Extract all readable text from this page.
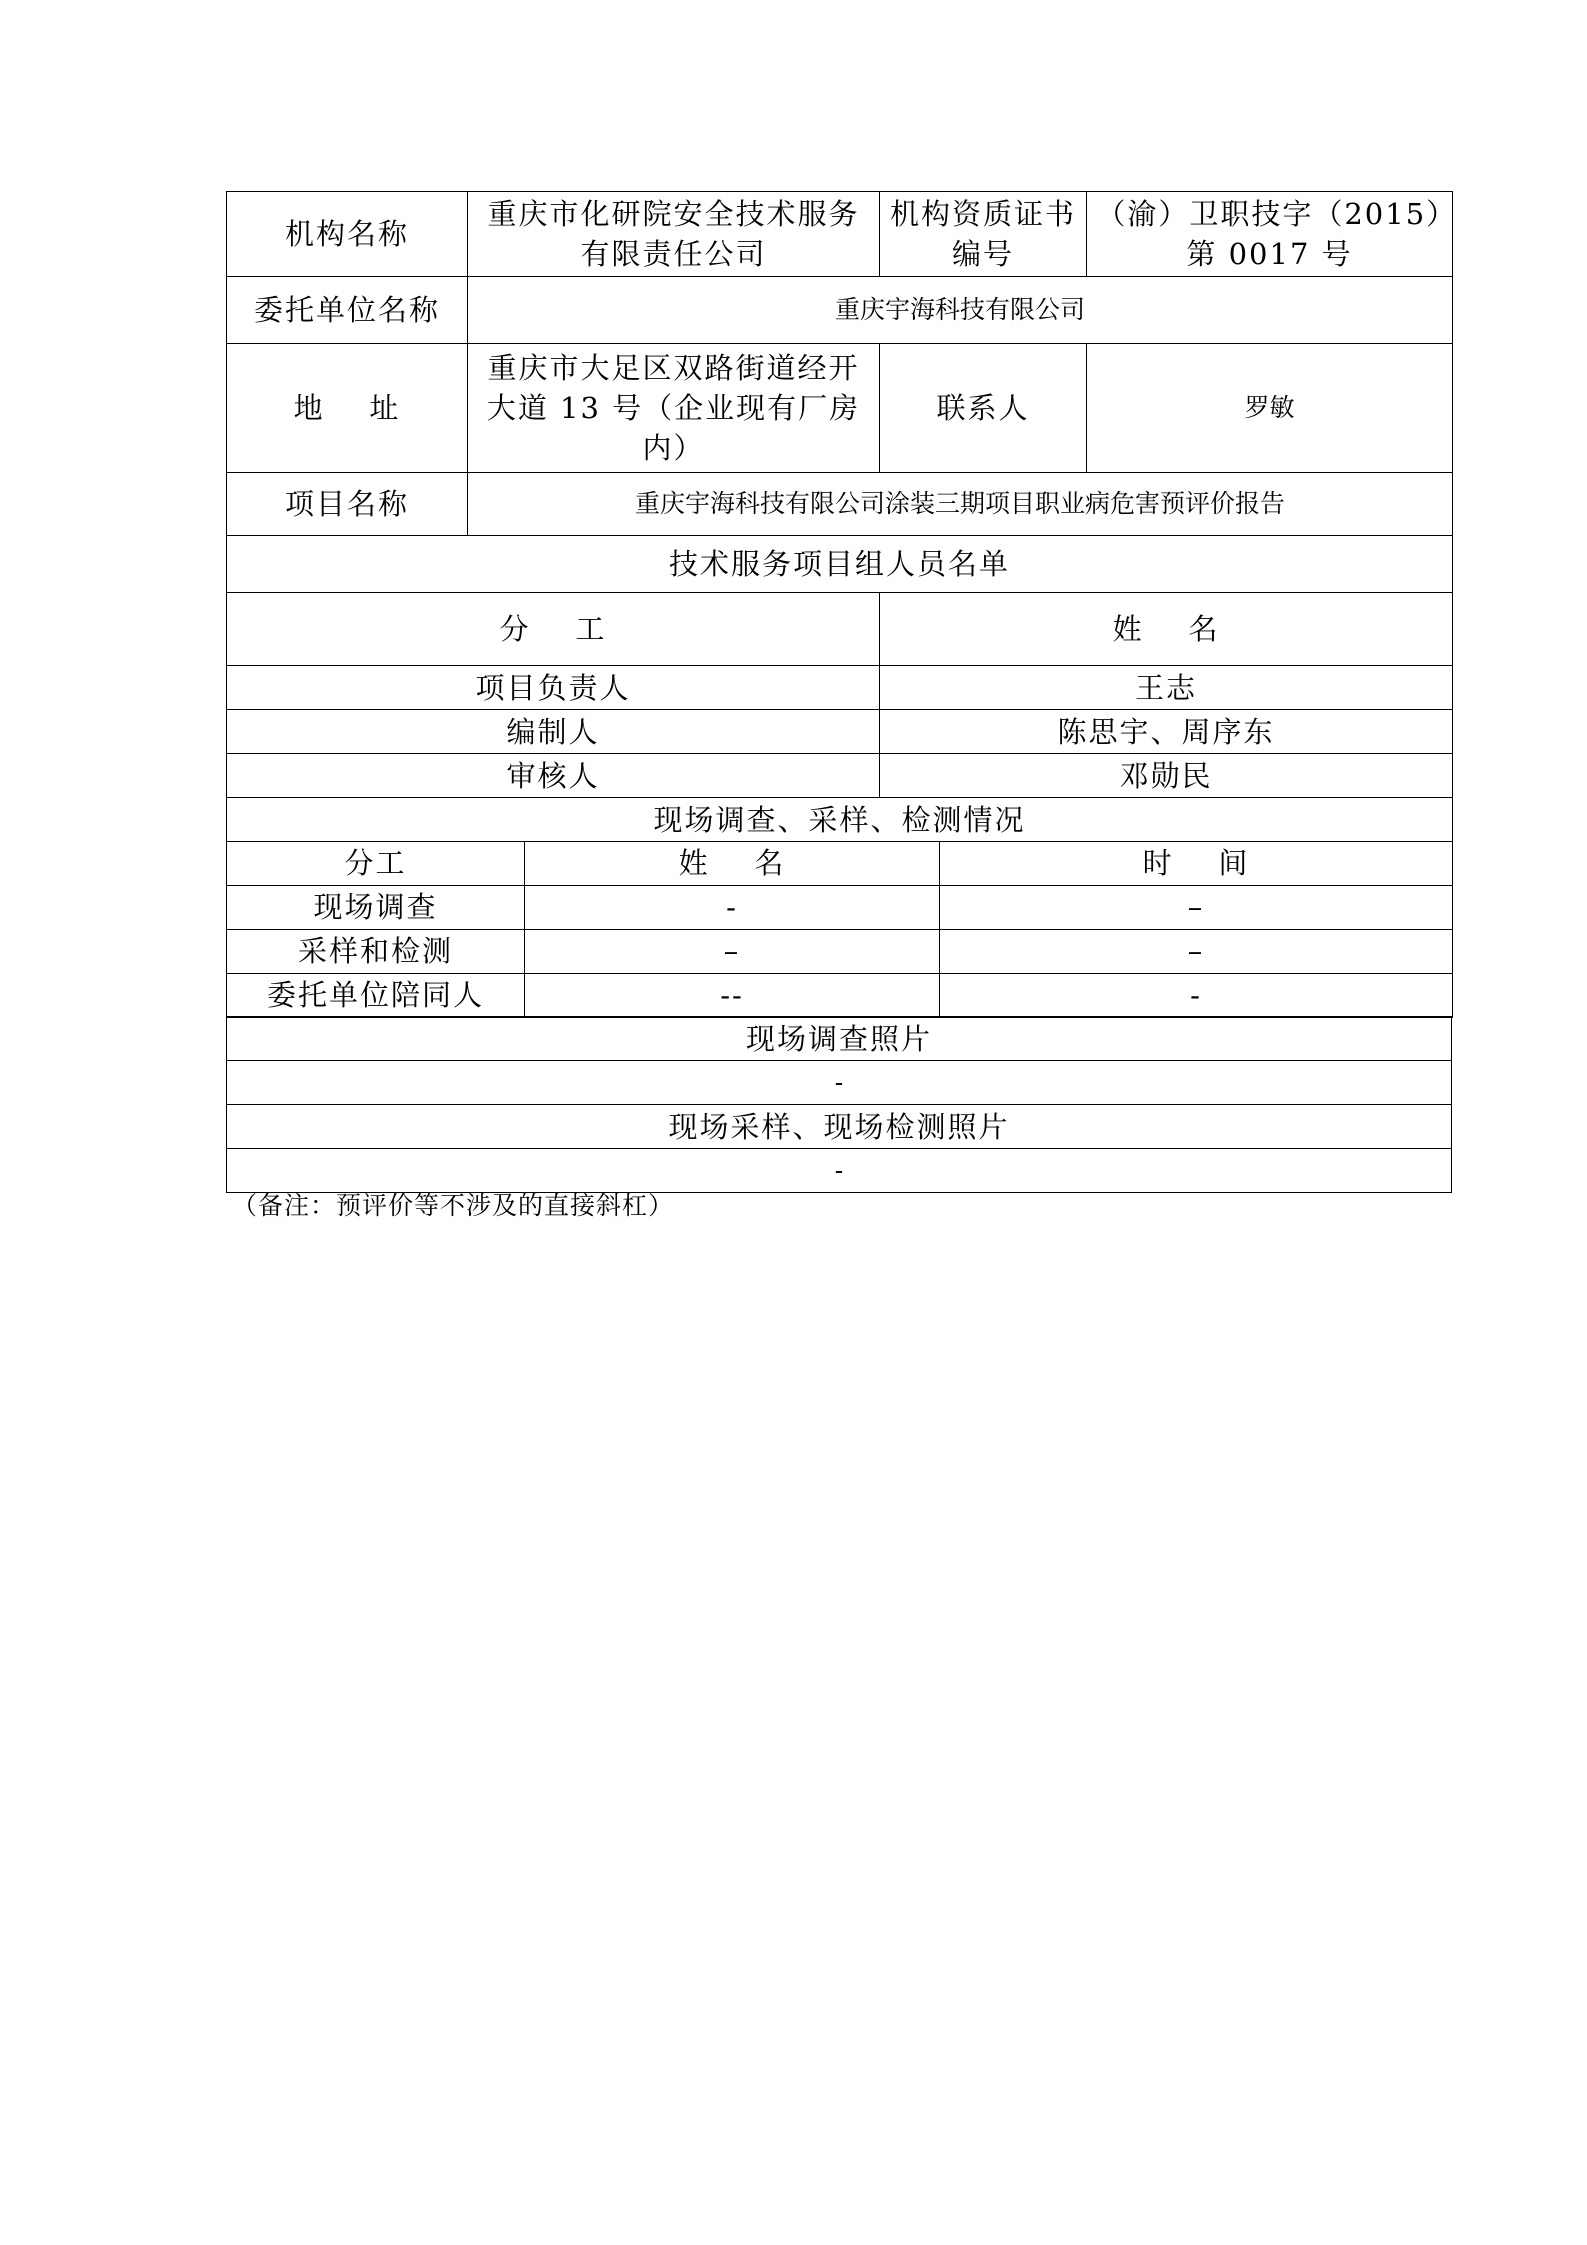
机构名称	重庆市化研院安全技术服务有限责任公司	机构资质证书编号	（渝）卫职技字（2015）第 0017 号
委托单位名称	重庆宇海科技有限公司		
地    址	重庆市大足区双路街道经开大道 13 号（企业现有厂房内）	联系人	罗敏
项目名称	重庆宇海科技有限公司涂装三期项目职业病危害预评价报告		
技术服务项目组人员名单			
分    工		姓    名	
项目负责人		王志	
编制人		陈思宇、周序东	
审核人		邓勋民	
现场调查、采样、检测情况			
分工	姓    名	时    间
现场调查	-	–
采样和检测	–	–
委托单位陪同人	--	-
现场调查照片
-
现场采样、现场检测照片
-
（备注：预评价等不涉及的直接斜杠）
